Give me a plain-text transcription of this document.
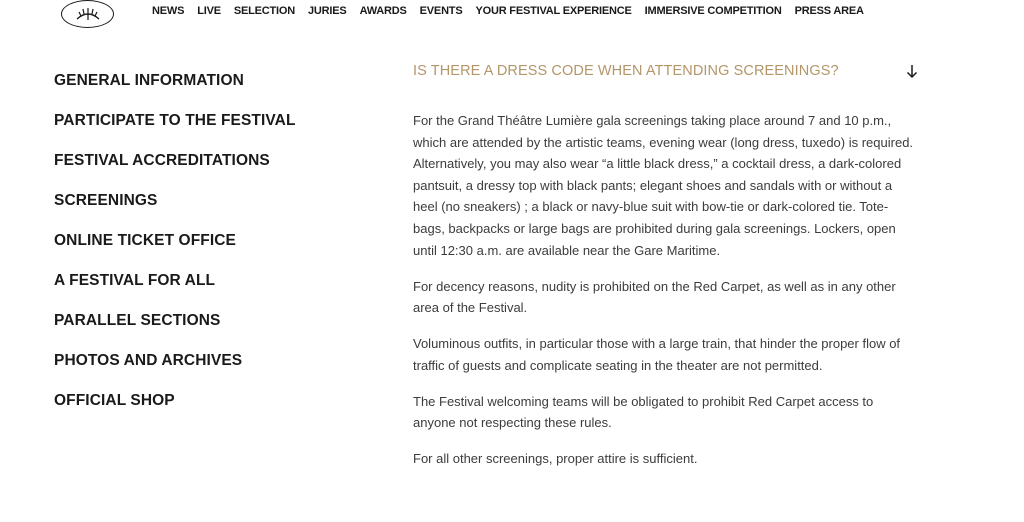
NEWS LIVE SELECTION JURIES AWARDS EVENTS YOUR FESTIVAL EXPERIENCE IMMERSIVE COMPETITION PRESS AREA
GENERAL INFORMATION
PARTICIPATE TO THE FESTIVAL
FESTIVAL ACCREDITATIONS
SCREENINGS
ONLINE TICKET OFFICE
A FESTIVAL FOR ALL
PARALLEL SECTIONS
PHOTOS AND ARCHIVES
OFFICIAL SHOP
IS THERE A DRESS CODE WHEN ATTENDING SCREENINGS?

For the Grand Théâtre Lumière gala screenings taking place around 7 and 10 p.m., which are attended by the artistic teams, evening wear (long dress, tuxedo) is required. Alternatively, you may also wear “a little black dress,” a cocktail dress, a dark-colored pantsuit, a dressy top with black pants; elegant shoes and sandals with or without a heel (no sneakers) ; a black or navy-blue suit with bow-tie or dark-colored tie. Tote-bags, backpacks or large bags are prohibited during gala screenings. Lockers, open until 12:30 a.m. are available near the Gare Maritime.

For decency reasons, nudity is prohibited on the Red Carpet, as well as in any other area of the Festival.

Voluminous outfits, in particular those with a large train, that hinder the proper flow of traffic of guests and complicate seating in the theater are not permitted.

The Festival welcoming teams will be obligated to prohibit Red Carpet access to anyone not respecting these rules.

For all other screenings, proper attire is sufficient.
